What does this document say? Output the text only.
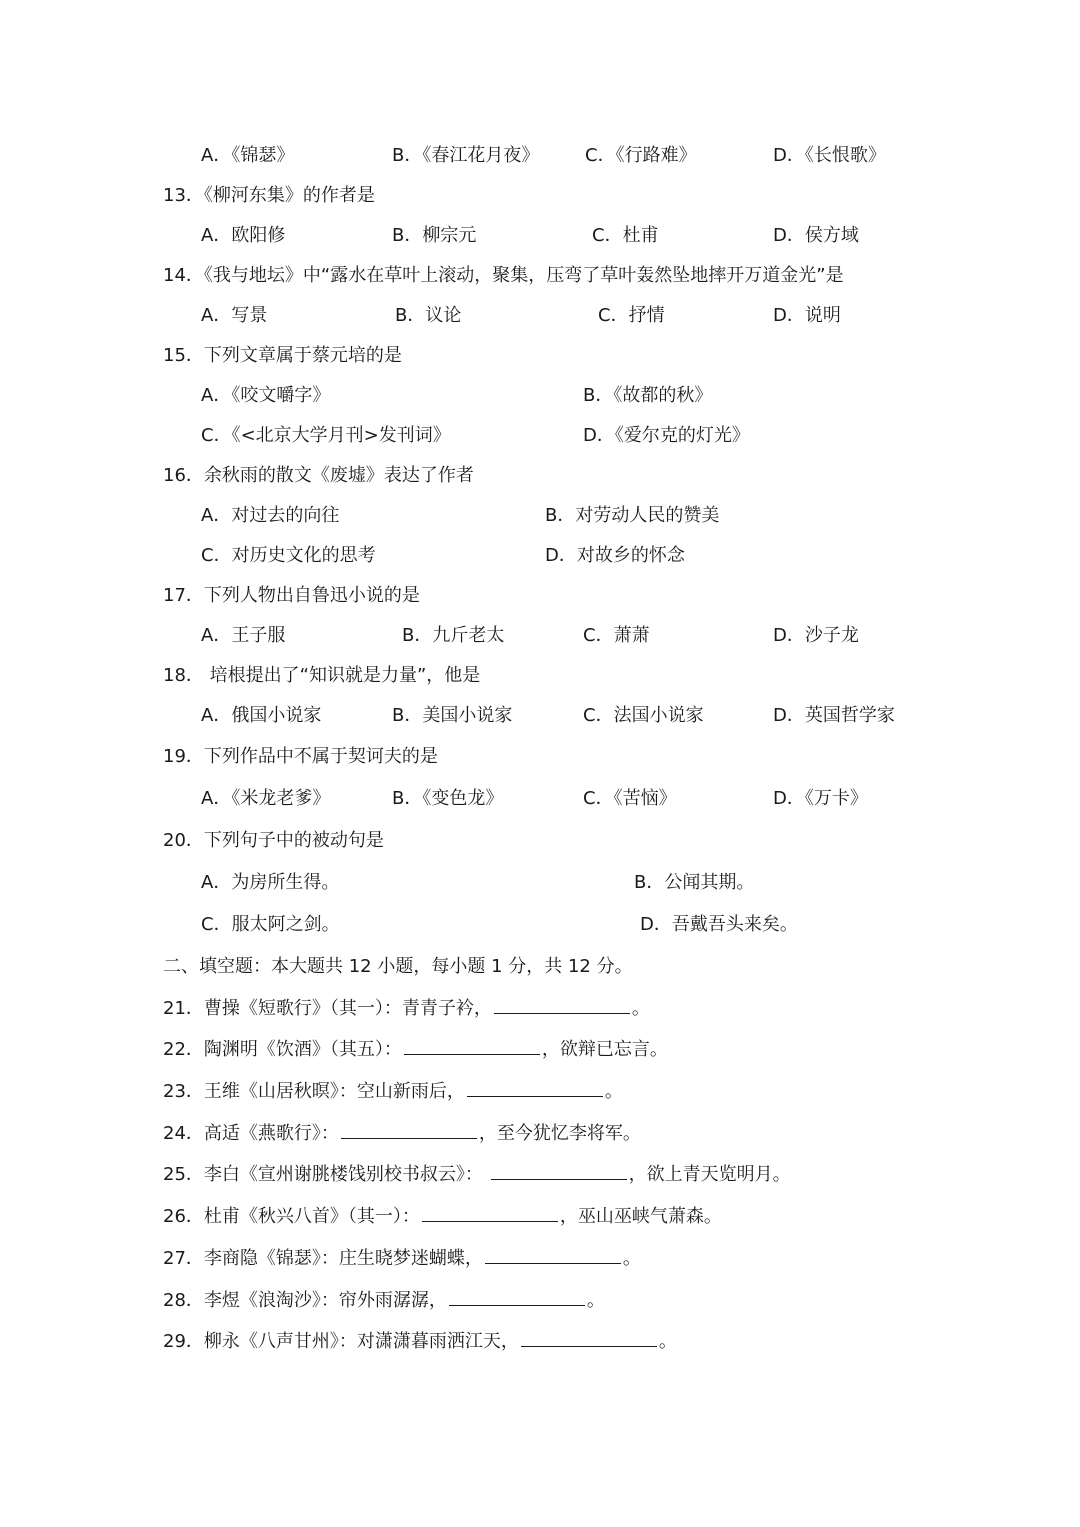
A．《锦瑟》	B．《春江花月夜》	C．《行路难》	D．《长恨歌》
13．《柳河东集》的作者是
A．欧阳修	B．柳宗元	C．杜甫	D．侯方域
14．《我与地坛》中“露水在草叶上滚动，聚集，压弯了草叶轰然坠地摔开万道金光”是
A．写景	B．议论	C．抒情	D．说明
15．下列文章属于蔡元培的是
A．《咬文嚼字》	B．《故都的秋》
C．《<北京大学月刊>发刊词》	D．《爱尔克的灯光》
16．余秋雨的散文《废墟》表达了作者
A．对过去的向往	B．对劳动人民的赞美
C．对历史文化的思考	D．对故乡的怀念
17．下列人物出自鲁迅小说的是
A．王子服	B．九斤老太	C．萧萧	D．沙子龙
18． 培根提出了“知识就是力量”，他是
A．俄国小说家	B．美国小说家	C．法国小说家	D．英国哲学家
19．下列作品中不属于契诃夫的是
A．《米龙老爹》	B．《变色龙》	C．《苦恼》	D．《万卡》
20．下列句子中的被动句是
A．为房所生得。	B．公闻其期。
C．服太阿之剑。	D．吾戴吾头来矣。
二、填空题：本大题共 12 小题，每小题 1 分，共 12 分。
21．曹操《短歌行》（其一）：青青子衿，	。
22．陶渊明《饮酒》（其五）：	，欲辩已忘言。
23．王维《山居秋暝》：空山新雨后，	。
24．高适《燕歌行》：	，至今犹忆李将军。
25．李白《宣州谢朓楼饯别校书叔云》：	，欲上青天览明月。
26．杜甫《秋兴八首》（其一）：	，巫山巫峡气萧森。
27．李商隐《锦瑟》：庄生晓梦迷蝴蝶，	。
28．李煜《浪淘沙》：帘外雨潺潺，	。
29．柳永《八声甘州》：对潇潇暮雨洒江天，	。
